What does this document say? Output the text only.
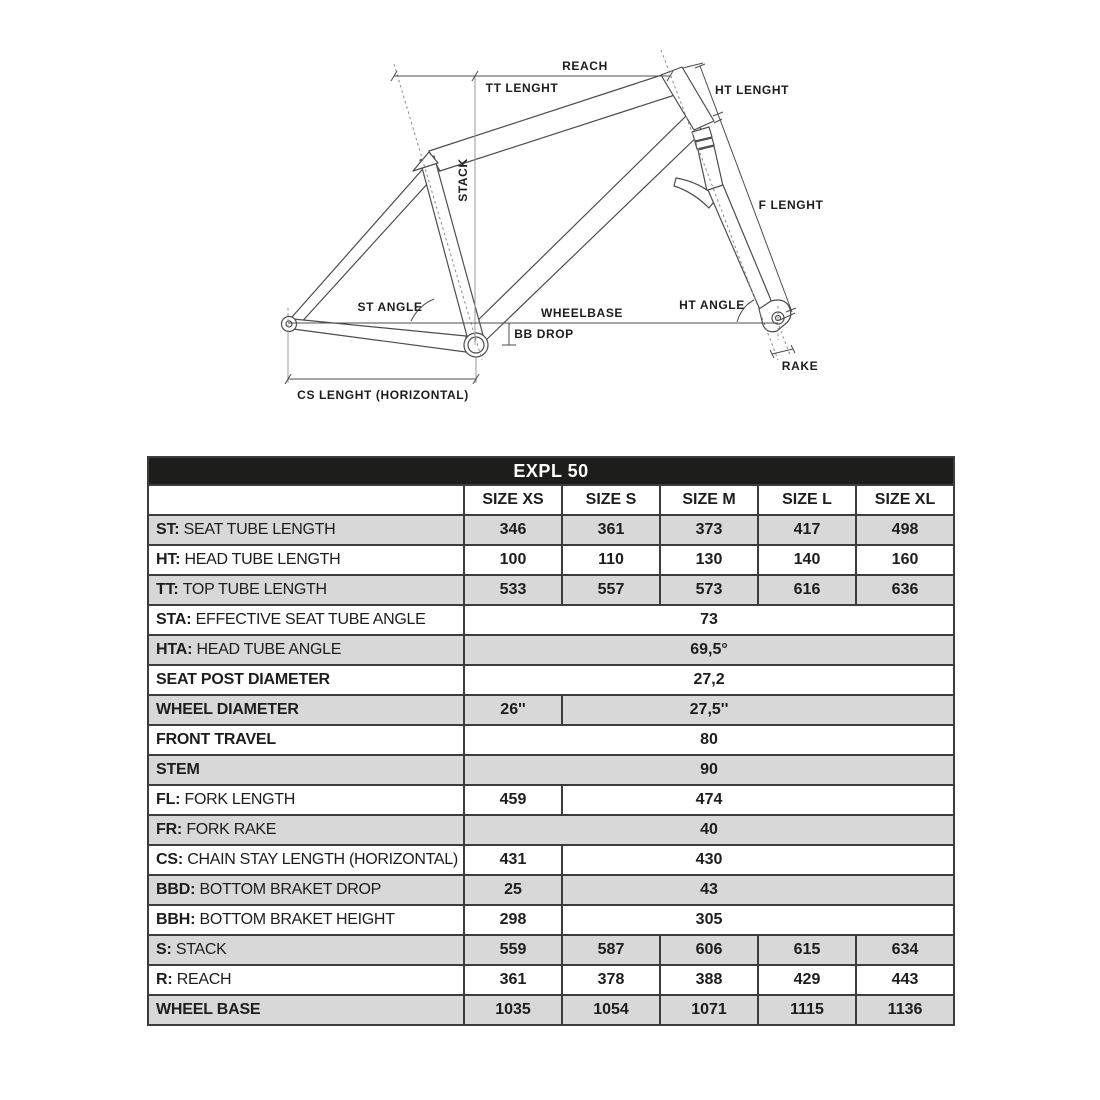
REACH
TT LENGHT	HT LENGHT
STACK
F LENGHT
ST ANGLE	WHEELBASE
BB DROP
HT ANGLE
RAKE
CS LENGHT (HORIZONTAL)
EXPL 50					
	SIZE XS	SIZE S	SIZE M	SIZE L	SIZE XL
ST: SEAT TUBE LENGTH	346	361	373	417	498
HT: HEAD TUBE LENGTH	100	110	130	140	160
TT: TOP TUBE LENGTH	533	557	573	616	636
STA: EFFECTIVE SEAT TUBE ANGLE	73				
HTA: HEAD TUBE ANGLE	69,5°				
SEAT POST DIAMETER	27,2				
WHEEL DIAMETER	26''	27,5''			
FRONT TRAVEL	80				
STEM	90				
FL: FORK LENGTH	459	474			
FR: FORK RAKE	40				
CS: CHAIN STAY LENGTH (HORIZONTAL)	431	430			
BBD: BOTTOM BRAKET DROP	25	43			
BBH: BOTTOM BRAKET HEIGHT	298	305			
S: STACK	559	587	606	615	634
R: REACH	361	378	388	429	443
WHEEL BASE	1035	1054	1071	1115	1136
